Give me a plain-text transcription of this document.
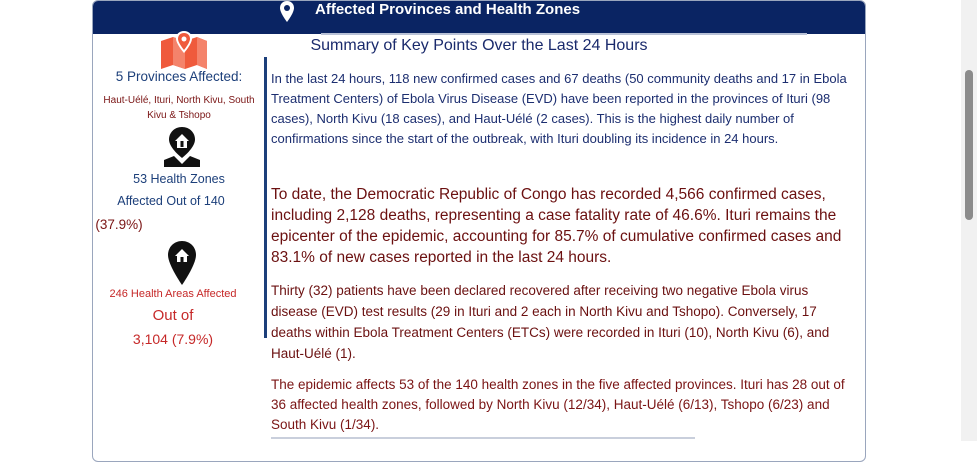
Affected Provinces and Health Zones
Summary of Key Points Over the Last 24 Hours
5 Provinces Affected:
Haut-Uélé, Ituri, North Kivu, South Kivu & Tshopo
53 Health Zones
Affected Out of 140
(37.9%)
246 Health Areas Affected
Out of
3,104 (7.9%)

In the last 24 hours, 118 new confirmed cases and 67 deaths (50 community deaths and 17 in Ebola Treatment Centers) of Ebola Virus Disease (EVD) have been reported in the provinces of Ituri (98 cases), North Kivu (18 cases), and Haut-Uélé (2 cases). This is the highest daily number of confirmations since the start of the outbreak, with Ituri doubling its incidence in 24 hours.

To date, the Democratic Republic of Congo has recorded 4,566 confirmed cases, including 2,128 deaths, representing a case fatality rate of 46.6%. Ituri remains the epicenter of the epidemic, accounting for 85.7% of cumulative confirmed cases and 83.1% of new cases reported in the last 24 hours.

Thirty (32) patients have been declared recovered after receiving two negative Ebola virus disease (EVD) test results (29 in Ituri and 2 each in North Kivu and Tshopo). Conversely, 17 deaths within Ebola Treatment Centers (ETCs) were recorded in Ituri (10), North Kivu (6), and Haut-Uélé (1).

The epidemic affects 53 of the 140 health zones in the five affected provinces. Ituri has 28 out of 36 affected health zones, followed by North Kivu (12/34), Haut-Uélé (6/13), Tshopo (6/23) and South Kivu (1/34).
